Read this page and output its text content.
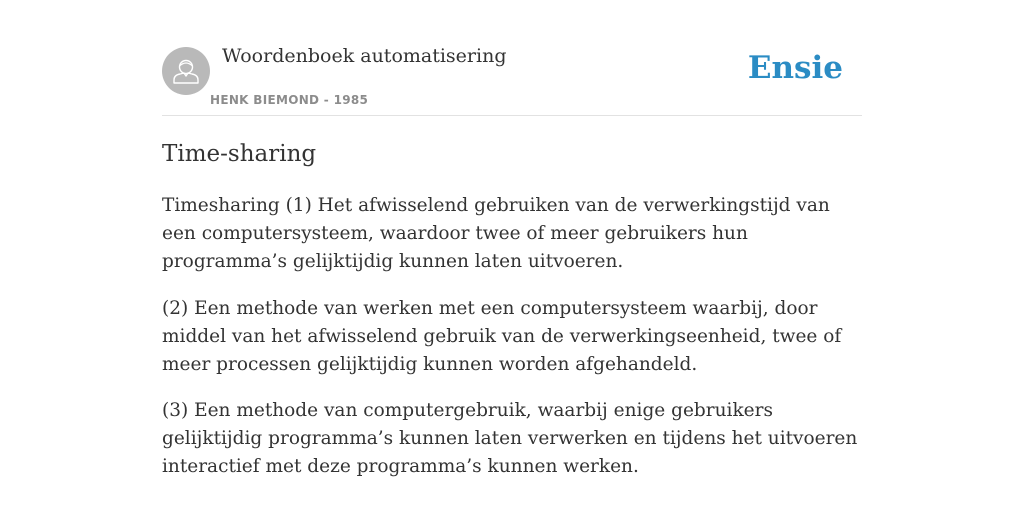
Woordenboek automatisering
HENK BIEMOND - 1985
Ensie
Time-sharing

Timesharing (1) Het afwisselend gebruiken van de verwerkingstijd van een computersysteem, waardoor twee of meer gebruikers hun programma’s gelijktijdig kunnen laten uitvoeren.

(2) Een methode van werken met een computersysteem waarbij, door middel van het afwisselend gebruik van de verwerkingseenheid, twee of meer processen gelijktijdig kunnen worden afgehandeld.

(3) Een methode van computergebruik, waarbij enige gebruikers gelijktijdig programma’s kunnen laten verwerken en tijdens het uitvoeren interactief met deze programma’s kunnen werken.
